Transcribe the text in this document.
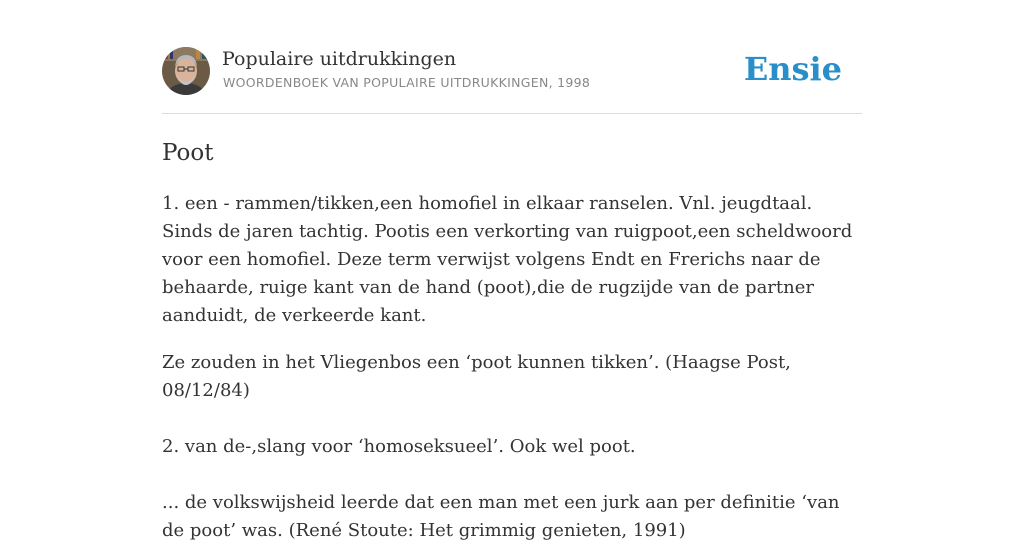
Populaire uitdrukkingen
WOORDENBOEK VAN POPULAIRE UITDRUKKINGEN, 1998	Ensie
Poot

1. een - rammen/tikken,een homofiel in elkaar ranselen. Vnl. jeugdtaal. Sinds de jaren tachtig. Pootis een verkorting van ruigpoot,een scheldwoord voor een homofiel. Deze term verwijst volgens Endt en Frerichs naar de behaarde, ruige kant van de hand (poot),die de rugzijde van de partner aanduidt, de verkeerde kant.

Ze zouden in het Vliegenbos een ‘poot kunnen tikken’. (Haagse Post, 08/12/84)

2. van de-,slang voor ‘homoseksueel’. Ook wel poot.

... de volkswijsheid leerde dat een man met een jurk aan per definitie ‘van de poot’ was. (René Stoute: Het grimmig genieten, 1991)
